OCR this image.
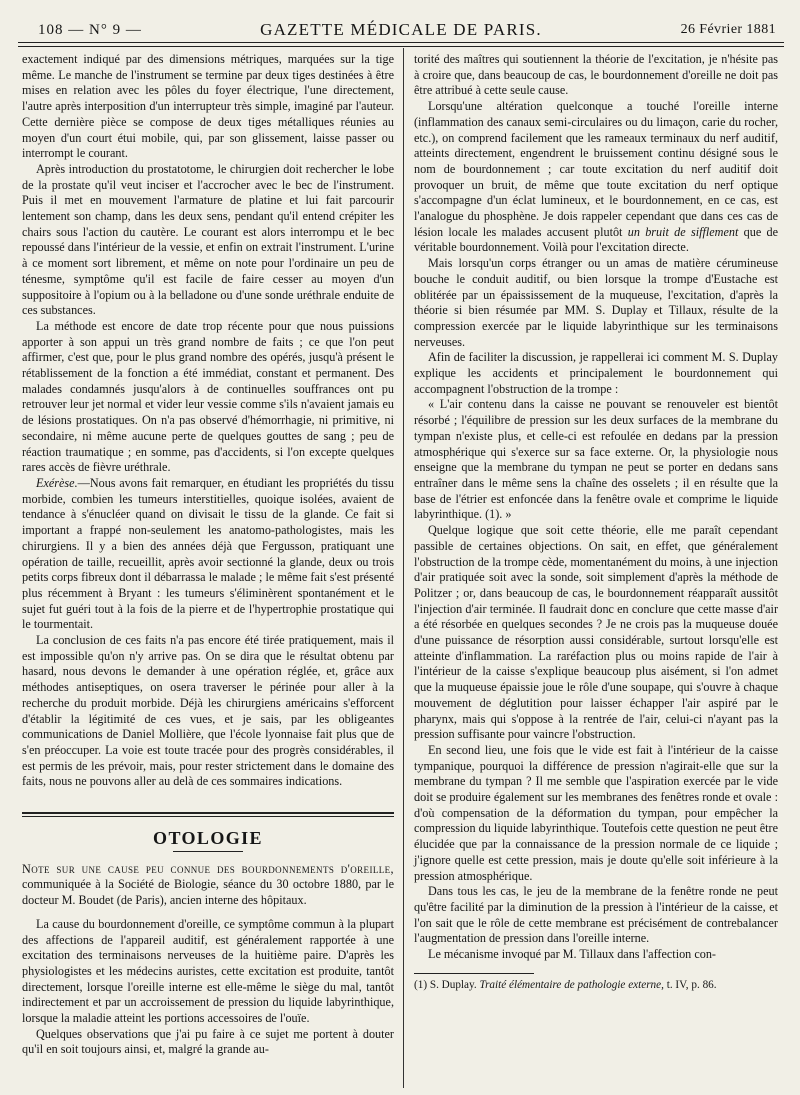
108 — N° 9 —	GAZETTE MÉDICALE DE PARIS.	26 Février 1881

exactement indiqué par des dimensions métriques, marquées sur la tige même. Le manche de l'instrument se termine par deux tiges destinées à être mises en relation avec les pôles du foyer électrique, l'une directement, l'autre après interposition d'un interrupteur très simple, imaginé par l'auteur. Cette dernière pièce se compose de deux tiges métalliques réunies au moyen d'un court étui mobile, qui, par son glissement, laisse passer ou interrompt le courant.

Après introduction du prostatotome, le chirurgien doit rechercher le lobe de la prostate qu'il veut inciser et l'accrocher avec le bec de l'instrument. Puis il met en mouvement l'armature de platine et lui fait parcourir lentement son champ, dans les deux sens, pendant qu'il entend crépiter les chairs sous l'action du cautère. Le courant est alors interrompu et le bec repoussé dans l'intérieur de la vessie, et enfin on extrait l'instrument. L'urine à ce moment sort librement, et même on note pour l'ordinaire un peu de ténesme, symptôme qu'il est facile de faire cesser au moyen d'un suppositoire à l'opium ou à la belladone ou d'une sonde uréthrale enduite de ces substances.

La méthode est encore de date trop récente pour que nous puissions apporter à son appui un très grand nombre de faits ; ce que l'on peut affirmer, c'est que, pour le plus grand nombre des opérés, jusqu'à présent le rétablissement de la fonction a été immédiat, constant et permanent. Des malades condamnés jusqu'alors à de continuelles souffrances ont pu retrouver leur jet normal et vider leur vessie comme s'ils n'avaient jamais eu de lésions prostatiques. On n'a pas observé d'hémorrhagie, ni primitive, ni secondaire, ni même aucune perte de quelques gouttes de sang ; peu de réaction traumatique ; en somme, pas d'accidents, si l'on excepte quelques rares accès de fièvre uréthrale.

Exérèse.—Nous avons fait remarquer, en étudiant les propriétés du tissu morbide, combien les tumeurs interstitielles, quoique isolées, avaient de tendance à s'énucléer quand on divisait le tissu de la glande. Ce fait si important a frappé non-seulement les anatomo-pathologistes, mais les chirurgiens. Il y a bien des années déjà que Fergusson, pratiquant une opération de taille, recueillit, après avoir sectionné la glande, deux ou trois petits corps fibreux dont il débarrassa le malade ; le même fait s'est présenté plus récemment à Bryant : les tumeurs s'éliminèrent spontanément et le sujet fut guéri tout à la fois de la pierre et de l'hypertrophie prostatique qui le tourmentait.

La conclusion de ces faits n'a pas encore été tirée pratiquement, mais il est impossible qu'on n'y arrive pas. On se dira que le résultat obtenu par hasard, nous devons le demander à une opération réglée, et, grâce aux méthodes antiseptiques, on osera traverser le périnée pour aller à la recherche du produit morbide. Déjà les chirurgiens américains s'efforcent d'établir la légitimité de ces vues, et je sais, par les obligeantes communications de Daniel Mollière, que l'école lyonnaise fait plus que de s'en préoccuper. La voie est toute tracée pour des progrès considérables, il est permis de les prévoir, mais, pour rester strictement dans le domaine des faits, nous ne pouvons aller au delà de ces sommaires indications.

OTOLOGIE

Note sur une cause peu connue des bourdonnements d'oreille, communiquée à la Société de Biologie, séance du 30 octobre 1880, par le docteur M. Boudet (de Paris), ancien interne des hôpitaux.

La cause du bourdonnement d'oreille, ce symptôme commun à la plupart des affections de l'appareil auditif, est généralement rapportée à une excitation des terminaisons nerveuses de la huitième paire. D'après les physiologistes et les médecins auristes, cette excitation est produite, tantôt directement, lorsque l'oreille interne est elle-même le siège du mal, tantôt indirectement et par un accroissement de pression du liquide labyrinthique, lorsque la maladie atteint les portions accessoires de l'ouïe.

Quelques observations que j'ai pu faire à ce sujet me portent à douter qu'il en soit toujours ainsi, et, malgré la grande au-

torité des maîtres qui soutiennent la théorie de l'excitation, je n'hésite pas à croire que, dans beaucoup de cas, le bourdonnement d'oreille ne doit pas être attribué à cette seule cause.

Lorsqu'une altération quelconque a touché l'oreille interne (inflammation des canaux semi-circulaires ou du limaçon, carie du rocher, etc.), on comprend facilement que les rameaux terminaux du nerf auditif, atteints directement, engendrent le bruissement continu désigné sous le nom de bourdonnement ; car toute excitation du nerf auditif doit provoquer un bruit, de même que toute excitation du nerf optique s'accompagne d'un éclat lumineux, et le bourdonnement, en ce cas, est l'analogue du phosphène. Je dois rappeler cependant que dans ces cas de lésion locale les malades accusent plutôt un bruit de sifflement que de véritable bourdonnement. Voilà pour l'excitation directe.

Mais lorsqu'un corps étranger ou un amas de matière cérumineuse bouche le conduit auditif, ou bien lorsque la trompe d'Eustache est oblitérée par un épaississement de la muqueuse, l'excitation, d'après la théorie si bien résumée par MM. S. Duplay et Tillaux, résulte de la compression exercée par le liquide labyrinthique sur les terminaisons nerveuses.

Afin de faciliter la discussion, je rappellerai ici comment M. S. Duplay explique les accidents et principalement le bourdonnement qui accompagnent l'obstruction de la trompe :

« L'air contenu dans la caisse ne pouvant se renouveler est bientôt résorbé ; l'équilibre de pression sur les deux surfaces de la membrane du tympan n'existe plus, et celle-ci est refoulée en dedans par la pression atmosphérique qui s'exerce sur sa face externe. Or, la physiologie nous enseigne que la membrane du tympan ne peut se porter en dedans sans entraîner dans le même sens la chaîne des osselets ; il en résulte que la base de l'étrier est enfoncée dans la fenêtre ovale et comprime le liquide labyrinthique. (1). »

Quelque logique que soit cette théorie, elle me paraît cependant passible de certaines objections. On sait, en effet, que généralement l'obstruction de la trompe cède, momentanément du moins, à une injection d'air pratiquée soit avec la sonde, soit simplement d'après la méthode de Politzer ; or, dans beaucoup de cas, le bourdonnement réapparaît aussitôt l'injection d'air terminée. Il faudrait donc en conclure que cette masse d'air a été résorbée en quelques secondes ? Je ne crois pas la muqueuse douée d'une puissance de résorption aussi considérable, surtout lorsqu'elle est atteinte d'inflammation. La raréfaction plus ou moins rapide de l'air à l'intérieur de la caisse s'explique beaucoup plus aisément, si l'on admet que la muqueuse épaissie joue le rôle d'une soupape, qui s'ouvre à chaque mouvement de déglutition pour laisser échapper l'air aspiré par le pharynx, mais qui s'oppose à la rentrée de l'air, celui-ci n'ayant pas la pression suffisante pour vaincre l'obstruction.

En second lieu, une fois que le vide est fait à l'intérieur de la caisse tympanique, pourquoi la différence de pression n'agirait-elle que sur la membrane du tympan ? Il me semble que l'aspiration exercée par le vide doit se produire également sur les membranes des fenêtres ronde et ovale : d'où compensation de la déformation du tympan, pour empêcher la compression du liquide labyrinthique. Toutefois cette question ne peut être élucidée que par la connaissance de la pression normale de ce liquide ; j'ignore quelle est cette pression, mais je doute qu'elle soit inférieure à la pression atmosphérique.

Dans tous les cas, le jeu de la membrane de la fenêtre ronde ne peut qu'être facilité par la diminution de la pression à l'intérieur de la caisse, et l'on sait que le rôle de cette membrane est précisément de contrebalancer l'augmentation de pression dans l'oreille interne.

Le mécanisme invoqué par M. Tillaux dans l'affection con-

(1) S. Duplay. Traité élémentaire de pathologie externe, t. IV, p. 86.
